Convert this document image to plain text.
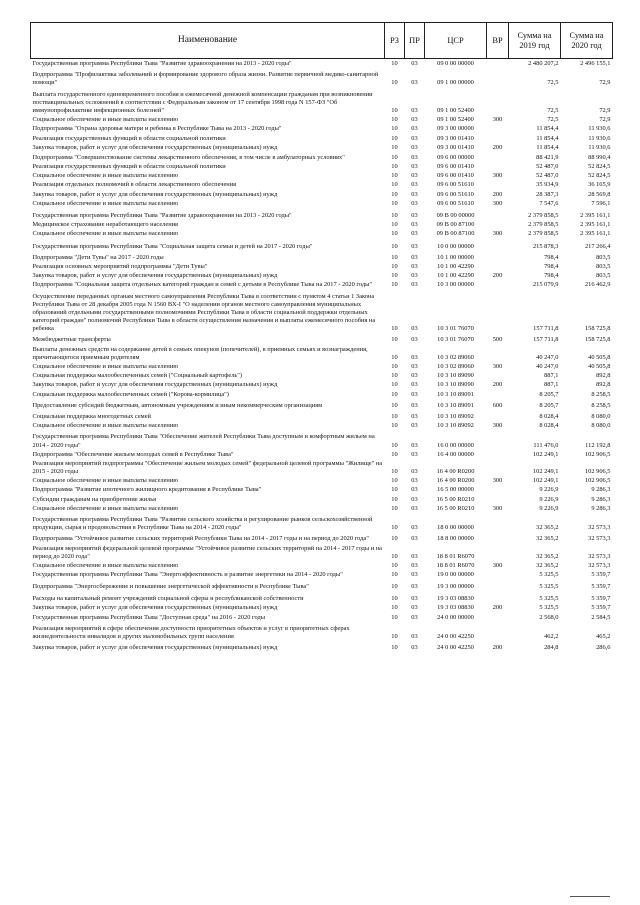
Наименование	РЗ	ПР	ЦСР	ВР	Сумма на 2019 год	Сумма на 2020 год
Государственная программа Республики Тыва "Развитие здравоохранения на 2013 - 2020 годы"	10	03	09 0 00 00000		2 480 207,2	2 496 155,1
Подпрограмма "Профилактика заболеваний и формирование здорового образа жизни. Развитие первичной медико-санитарной помощи"	10	03	09 1 00 00000		72,5	72,9
Выплата государственного единовременного пособия и ежемесячной денежной компенсации гражданам при возникновении поствакцинальных осложнений в соответствии с Федеральным законом от 17 сентября 1998 года N 157-ФЗ "Об иммунопрофилактике инфекционных болезней"	10	03	09 1 00 52400		72,5	72,9
Социальное обеспечение и иные выплаты населению	10	03	09 1 00 52400	300	72,5	72,9
Подпрограмма "Охрана здоровья матери и ребенка в Республике Тыва на 2013 - 2020 годы"	10	03	09 3 00 00000		11 854,4	11 930,6
Реализация государственных функций в области социальной политики	10	03	09 3 00 01410		11 854,4	11 930,6
Закупка товаров, работ и услуг для обеспечения государственных (муниципальных) нужд	10	03	09 3 00 01410	200	11 854,4	11 930,6
Подпрограмма "Совершенствование системы лекарственного обеспечения, в том числе в амбулаторных условиях"	10	03	09 6 00 00000		88 421,9	88 990,4
Реализация государственных функций в области социальной политики	10	03	09 6 00 01410		52 487,0	52 824,5
Социальное обеспечение и иные выплаты населению	10	03	09 6 00 01410	300	52 487,0	52 824,5
Реализация отдельных полномочий в области лекарственного обеспечения	10	03	09 6 00 51610		35 934,9	36 165,9
Закупка товаров, работ и услуг для обеспечения государственных (муниципальных) нужд	10	03	09 6 00 51610	200	28 387,3	28 569,8
Социальное обеспечение и иные выплаты населению	10	03	09 6 00 51610	300	7 547,6	7 596,1
Государственная программа Республики Тыва "Развитие здравоохранения на 2013 - 2020 годы"	10	03	09 В 00 00000		2 379 858,5	2 395 161,1
Медицинское страхование неработающего населения	10	03	09 В 00 87100		2 379 858,5	2 395 161,1
Социальное обеспечение и иные выплаты населению	10	03	09 В 00 87100	300	2 379 858,5	2 395 161,1
Государственная программа Республики Тыва "Социальная защита семьи и детей на 2017 - 2020 годы"	10	03	10 0 00 00000		215 878,3	217 266,4
Подпрограмма "Дети Тувы" на 2017 - 2020 годы	10	03	10 1 00 00000		798,4	803,5
Реализация основных мероприятий подпрограммы "Дети Тувы"	10	03	10 1 00 42290		798,4	803,5
Закупка товаров, работ и услуг для обеспечения государственных (муниципальных) нужд	10	03	10 1 00 42290	200	798,4	803,5
Подпрограмма "Социальная защита отдельных категорий граждан и семей с детьми в Республике Тыва на 2017 - 2020 годы"	10	03	10 3 00 00000		215 079,9	216 462,9
Осуществление переданных органам местного самоуправления Республики Тыва в соответствии с пунктом 4 статьи 1 Закона Республики Тыва от 28 декабря 2005 года N 1560 ВХ-I "О наделении органов местного самоуправления муниципальных образований отдельными государственными полномочиями Республики Тыва в области социальной поддержки отдельных категорий граждан" полномочий Республики Тыва в области осуществления назначения и выплаты ежемесячного пособия на ребенка	10	03	10 3 01 76070		157 711,8	158 725,8
Межбюджетные трансферты	10	03	10 3 01 76070	500	157 711,8	158 725,8
Выплаты денежных средств на содержание детей в семьях опекунов (попечителей), в приемных семьях и вознаграждения, причитающегося приемным родителям	10	03	10 3 02 89060		40 247,0	40 505,8
Социальное обеспечение и иные выплаты населению	10	03	10 3 02 89060	300	40 247,0	40 505,8
Социальная поддержка малообеспеченных семей ("Социальный картофель")	10	03	10 3 10 89090		887,1	892,8
Закупка товаров, работ и услуг для обеспечения государственных (муниципальных) нужд	10	03	10 3 10 89090	200	887,1	892,8
Социальная поддержка малообеспеченных семей ("Корова-кормилица")	10	03	10 3 10 89091		8 205,7	8 258,5
Предоставление субсидий бюджетным, автономным учреждениям и иным некоммерческим организациям	10	03	10 3 10 89091	600	8 205,7	8 258,5
Социальная поддержка многодетных семей	10	03	10 3 10 89092		8 028,4	8 080,0
Социальное обеспечение и иные выплаты населению	10	03	10 3 10 89092	300	8 028,4	8 080,0
Государственная программа Республики Тыва "Обеспечение жителей Республики Тыва доступным и комфортным жильем на 2014 - 2020 годы"	10	03	16 0 00 00000		111 476,0	112 192,8
Подпрограмма "Обеспечение жильем молодых семей в Республике Тыва"	10	03	16 4 00 00000		102 249,1	102 906,5
Реализация мероприятий подпрограммы "Обеспечение жильем молодых семей" федеральной целевой программы "Жилище" на 2015 - 2020 годы	10	03	16 4 00 R0200		102 249,1	102 906,5
Социальное обеспечение и иные выплаты населению	10	03	16 4 00 R0200	300	102 249,1	102 906,5
Подпрограмма "Развитие ипотечного жилищного кредитования в Республике Тыва"	10	03	16 5 00 00000		9 226,9	9 286,3
Субсидии гражданам на приобретение жилья	10	03	16 5 00 R0210		9 226,9	9 286,3
Социальное обеспечение и иные выплаты населению	10	03	16 5 00 R0210	300	9 226,9	9 286,3
Государственная программа Республики Тыва "Развитие сельского хозяйства и регулирование рынков сельскохозяйственной продукции, сырья и продовольствия в Республике Тыва на 2014 - 2020 годы"	10	03	18 0 00 00000		32 365,2	32 573,3
Подпрограмма "Устойчивое развитие сельских территорий Республики Тыва на 2014 - 2017 годы и на период до 2020 года"	10	03	18 8 00 00000		32 365,2	32 573,3
Реализация мероприятий федеральной целевой программы "Устойчивое развитие сельских территорий на 2014 - 2017 годы и на период до 2020 года"	10	03	18 8 01 R6070		32 365,2	32 573,3
Социальное обеспечение и иные выплаты населению	10	03	18 8 01 R6070	300	32 365,2	32 573,3
Государственная программа Республики Тыва "Энергоэффективность и развитие энергетики на 2014 - 2020 годы"	10	03	19 0 00 00000		5 325,5	5 359,7
Подпрограмма "Энергосбережение и повышение энергетической эффективности в Республике Тыва"	10	03	19 3 00 00000		5 325,5	5 359,7
Расходы на капитальный ремонт учреждений социальной сферы и республиканской собственности	10	03	19 3 03 08830		5 325,5	5 359,7
Закупка товаров, работ и услуг для обеспечения государственных (муниципальных) нужд	10	03	19 3 03 08830	200	5 325,5	5 359,7
Государственная программа Республики Тыва "Доступная среда" на 2016 - 2020 годы	10	03	24 0 00 00000		2 568,0	2 584,5
Реализация мероприятий в сфере обеспечения доступности приоритетных объектов и услуг в приоритетных сферах жизнедеятельности инвалидов и других маломобильных групп населения	10	03	24 0 00 42250		462,2	465,2
Закупка товаров, работ и услуг для обеспечения государственных (муниципальных) нужд	10	03	24 0 00 42250	200	284,8	286,6
